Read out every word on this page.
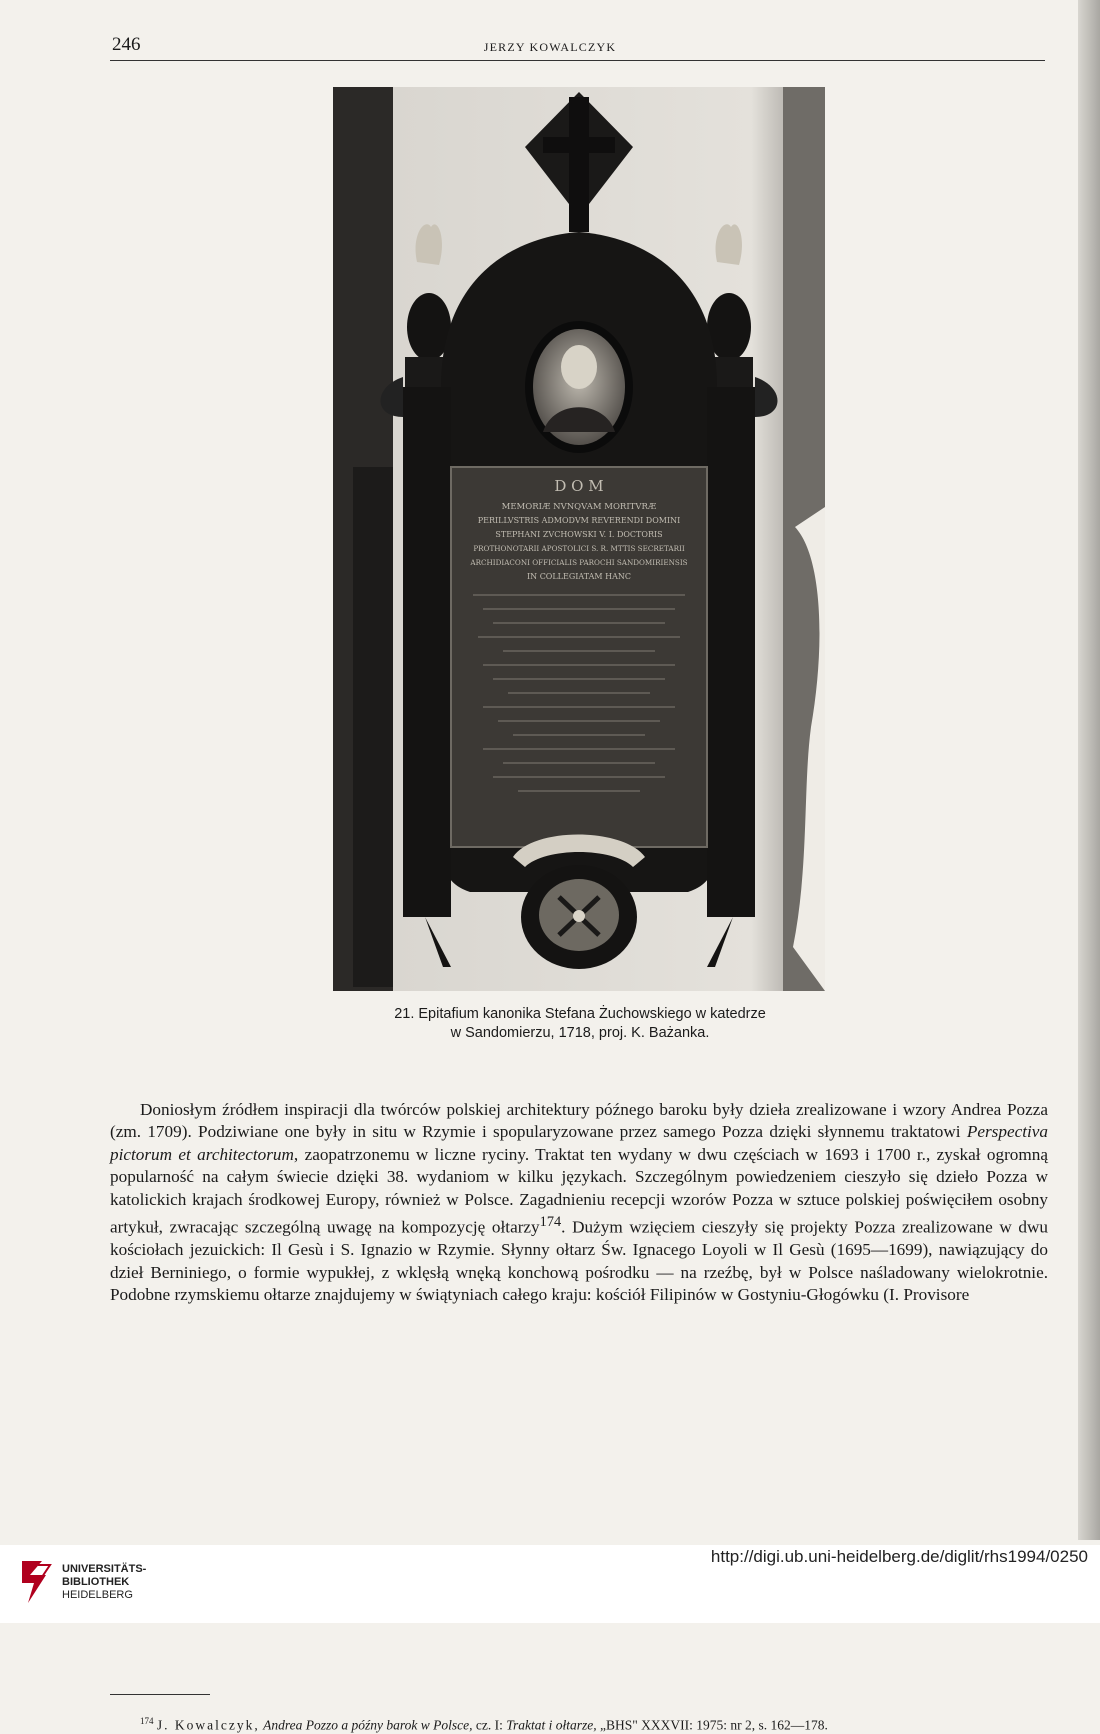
246	JERZY KOWALCZYK
D O M
MEMORIÆ NVNQVAM MORITVRÆ
PERILLVSTRIS ADMODVM REVERENDI DOMINI
STEPHANI ZVCHOWSKI V. I. DOCTORIS
PROTHONOTARII APOSTOLICI S. R. MTTIS SECRETARII
ARCHIDIACONI OFFICIALIS PAROCHI SANDOMIRIENSIS
IN COLLEGIATAM HANC
21. Epitafium kanonika Stefana Żuchowskiego w katedrze
w Sandomierzu, 1718, proj. K. Bażanka.

Doniosłym źródłem inspiracji dla twórców polskiej architektury późnego baroku były dzieła zrealizowane i wzory Andrea Pozza (zm. 1709). Podziwiane one były in situ w Rzymie i spopularyzowane przez samego Pozza dzięki słynnemu traktatowi Perspectiva pictorum et architectorum, zaopatrzonemu w liczne ryciny. Traktat ten wydany w dwu częściach w 1693 i 1700 r., zyskał ogromną popularność na całym świecie dzięki 38. wydaniom w kilku językach. Szczególnym powiedzeniem cieszyło się dzieło Pozza w katolickich krajach środkowej Europy, również w Polsce. Zagadnieniu recepcji wzorów Pozza w sztuce polskiej poświęciłem osobny artykuł, zwracając szczególną uwagę na kompozycję ołtarzy$^{174}$. Dużym wzięciem cieszyły się projekty Pozza zrealizowane w dwu kościołach jezuickich: Il Gesù i S. Ignazio w Rzymie. Słynny ołtarz Św. Ignacego Loyoli w Il Gesù (1695—1699), nawiązujący do dzieł Berniniego, o formie wypukłej, z wklęsłą wnęką konchową pośrodku — na rzeźbę, był w Polsce naśladowany wielokrotnie. Podobne rzymskiemu ołtarze znajdujemy w świątyniach całego kraju: kościół Filipinów w Gostyniu-Głogówku (I. Provisore

$^{174}$ J. Kowalczyk, Andrea Pozzo a późny barok w Polsce, cz. I: Traktat i ołtarze, „BHS" XXXVII: 1975: nr 2, s. 162—178.
UNIVERSITÄTS-
BIBLIOTHEK
HEIDELBERG
http://digi.ub.uni-heidelberg.de/diglit/rhs1994/0250
